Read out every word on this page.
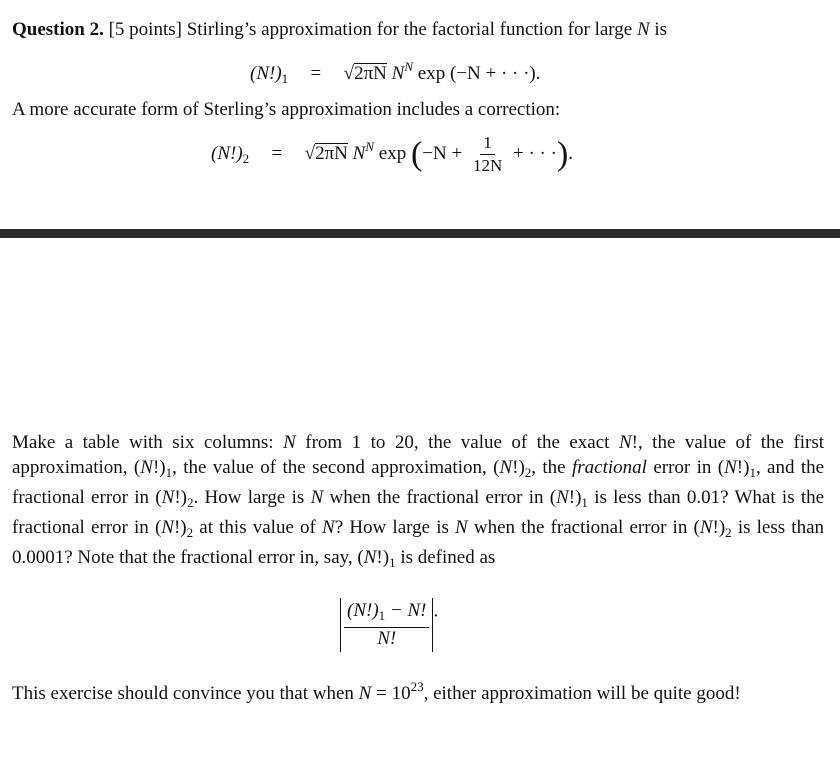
Question 2. [5 points] Stirling’s approximation for the factorial function for large N is
$(N!)_1 = √2\pi N$ $N^N$ exp (−N + · · ·).
A more accurate form of Sterling’s approximation includes a correction:
$(N!)_2 = √2\pi N$ $N^N$ $\exp (-N + \frac{1}{12N}$ + · · ·).
Make a table with six columns: N from 1 to 20, the value of the exact N!, the value of the first approximation, $(N!)_1$, the value of the second approximation, $(N!)_2$, the fractional error in $(N!)_1$, and the fractional error in $(N!)_2$. How large is N when the fractional error in $(N!)_1$ is less than 0.01? What is the fractional error in $(N!)_2$ at this value of N? How large is N when the fractional error in $(N!)_2$ is less than 0.0001? Note that the fractional error in, say, $(N!)_1$ is defined as
$\frac{(N!)_1 - N!}{N!}$ .
This exercise should convince you that when $N = 10^{23}$, either approximation will be quite good!
